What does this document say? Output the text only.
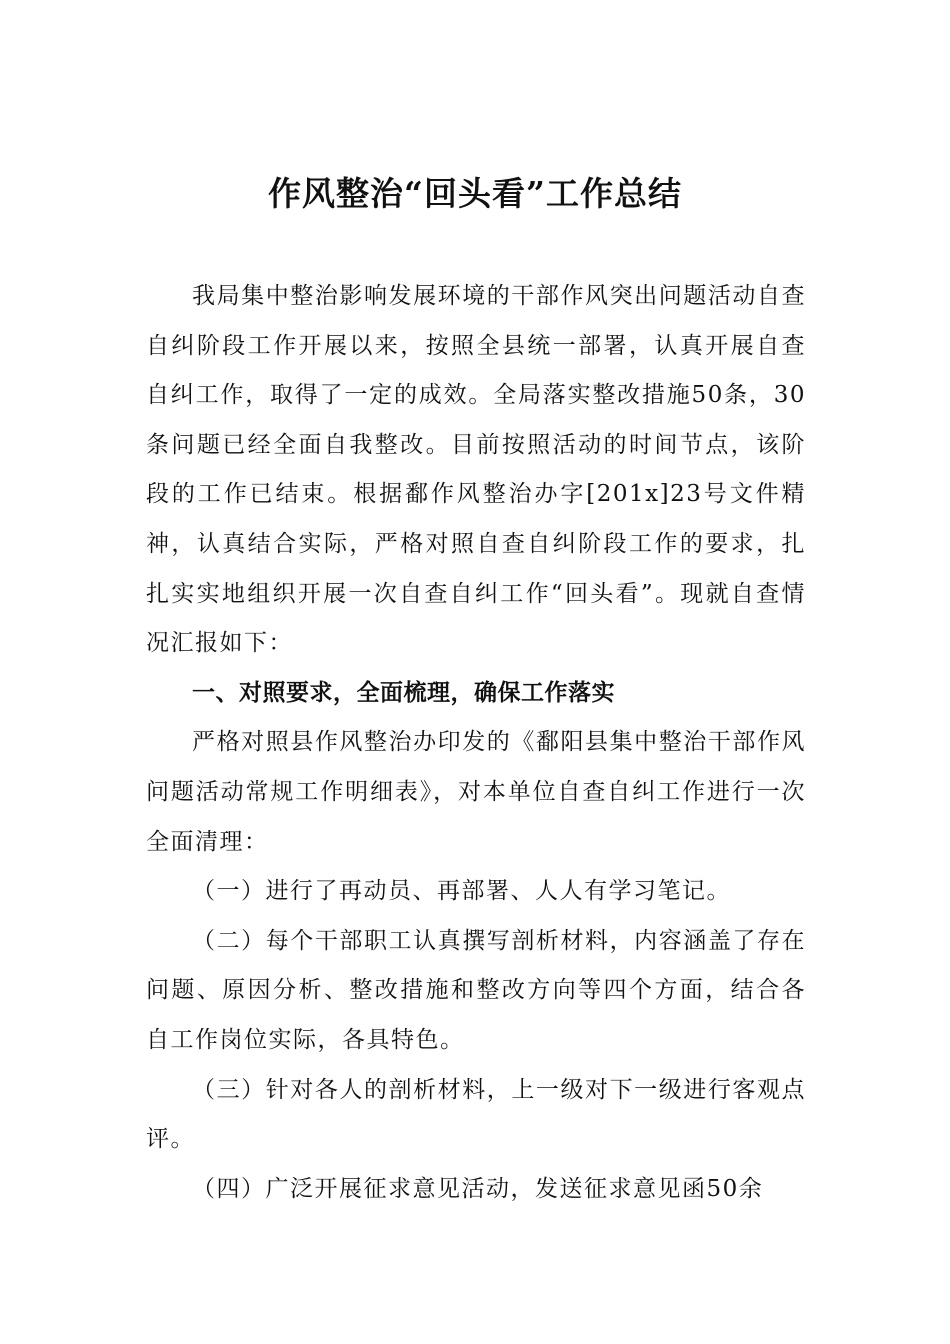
作风整治“回头看”工作总结

我局集中整治影响发展环境的干部作风突出问题活动自查自纠阶段工作开展以来，按照全县统一部署，认真开展自查自纠工作，取得了一定的成效。全局落实整改措施50条，30条问题已经全面自我整改。目前按照活动的时间节点，该阶段的工作已结束。根据鄱作风整治办字[201x]23号文件精神，认真结合实际，严格对照自查自纠阶段工作的要求，扎扎实实地组织开展一次自查自纠工作“回头看”。现就自查情况汇报如下：

一、对照要求，全面梳理，确保工作落实

严格对照县作风整治办印发的《鄱阳县集中整治干部作风问题活动常规工作明细表》，对本单位自查自纠工作进行一次全面清理：

（一）进行了再动员、再部署、人人有学习笔记。

（二）每个干部职工认真撰写剖析材料，内容涵盖了存在问题、原因分析、整改措施和整改方向等四个方面，结合各自工作岗位实际，各具特色。

（三）针对各人的剖析材料，上一级对下一级进行客观点评。

（四）广泛开展征求意见活动，发送征求意见函50余
